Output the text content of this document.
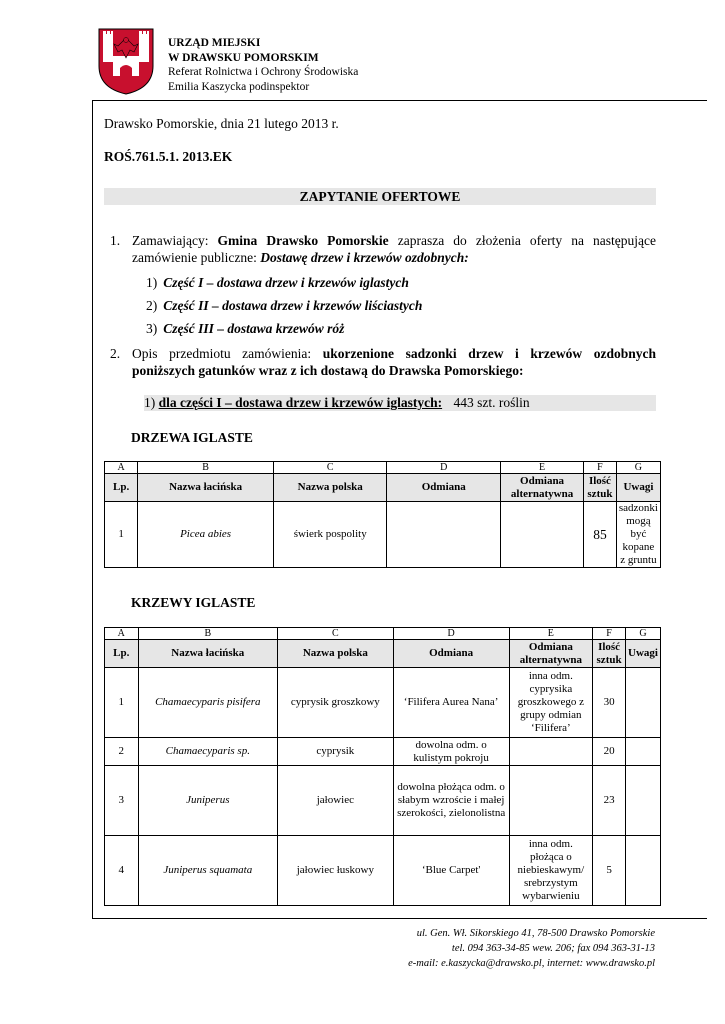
URZĄD MIEJSKI
W DRAWSKU POMORSKIM
Referat Rolnictwa i Ochrony Środowiska
Emilia Kaszycka podinspektor
Drawsko Pomorskie, dnia 21 lutego 2013 r.
ROŚ.761.5.1. 2013.EK
ZAPYTANIE OFERTOWE
1. Zamawiający: Gmina Drawsko Pomorskie zaprasza do złożenia oferty na następujące zamówienie publiczne: Dostawę drzew i krzewów ozdobnych:
1) Część I – dostawa drzew i krzewów iglastych
2) Część II – dostawa drzew i krzewów liściastych
3) Część III – dostawa krzewów róż
2. Opis przedmiotu zamówienia: ukorzenione sadzonki drzew i krzewów ozdobnych poniższych gatunków wraz z ich dostawą do Drawska Pomorskiego:
1) dla części I – dostawa drzew i krzewów iglastych: 443 szt. roślin
DRZEWA IGLASTE
A	B	C	D	E	F	G
Lp.	Nazwa łacińska	Nazwa polska	Odmiana	Odmiana alternatywna	Ilość sztuk	Uwagi
1	Picea abies	świerk pospolity			85	sadzonki mogą być kopane z gruntu
KRZEWY IGLASTE
A	B	C	D	E	F	G
Lp.	Nazwa łacińska	Nazwa polska	Odmiana	Odmiana alternatywna	Ilość sztuk	Uwagi
1	Chamaecyparis pisifera	cyprysik groszkowy	‘Filifera Aurea Nana’	inna odm. cyprysika groszkowego z grupy odmian ‘Filifera’	30	
2	Chamaecyparis sp.	cyprysik	dowolna odm. o kulistym pokroju		20	
3	Juniperus	jałowiec	dowolna płożąca odm. o słabym wzroście i małej szerokości, zielonolistna		23	
4	Juniperus squamata	jałowiec łuskowy	‘Blue Carpet'	inna odm. płożąca o niebieskawym/ srebrzystym wybarwieniu	5	
ul. Gen. Wł. Sikorskiego 41, 78-500 Drawsko Pomorskie
tel. 094 363-34-85 wew. 206; fax 094 363-31-13
e-mail: e.kaszycka@drawsko.pl, internet: www.drawsko.pl
